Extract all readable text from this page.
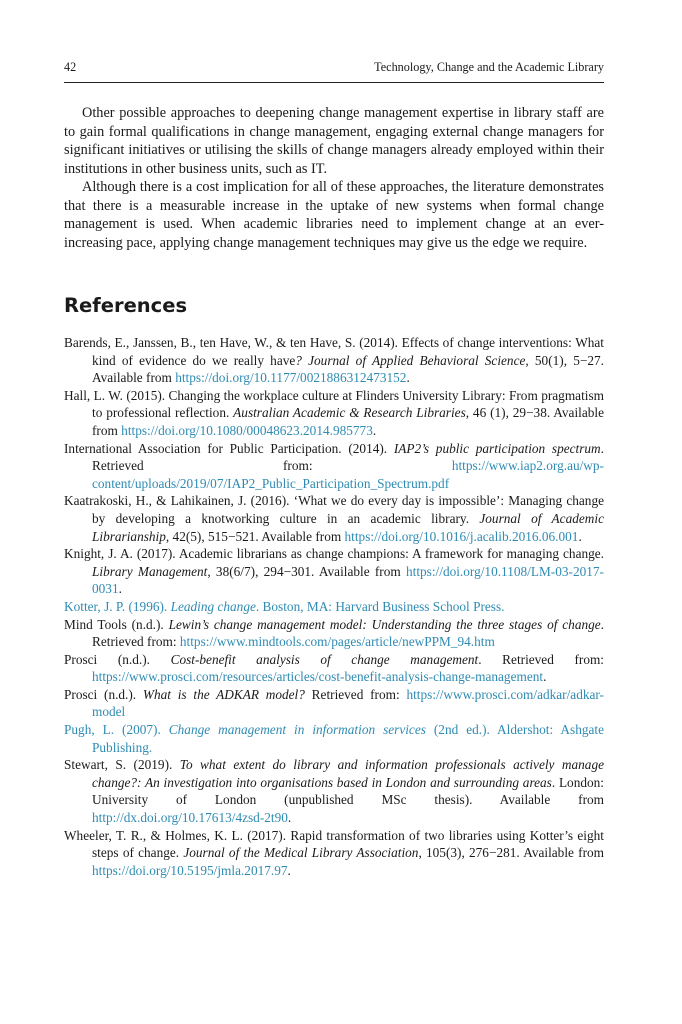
42	Technology, Change and the Academic Library

Other possible approaches to deepening change management expertise in library staff are to gain formal qualifications in change management, engaging external change managers for significant initiatives or utilising the skills of change managers already employed within their institutions in other business units, such as IT.

Although there is a cost implication for all of these approaches, the literature demonstrates that there is a measurable increase in the uptake of new systems when formal change management is used. When academic libraries need to implement change at an ever-increasing pace, applying change management techniques may give us the edge we require.

References

Barends, E., Janssen, B., ten Have, W., & ten Have, S. (2014). Effects of change interventions: What kind of evidence do we really have? Journal of Applied Behavioral Science, 50(1), 5−27. Available from https://doi.org/10.1177/0021886312473152.

Hall, L. W. (2015). Changing the workplace culture at Flinders University Library: From pragmatism to professional reflection. Australian Academic & Research Libraries, 46 (1), 29−38. Available from https://doi.org/10.1080/00048623.2014.985773.

International Association for Public Participation. (2014). IAP2’s public participation spectrum. Retrieved from: https://www.iap2.org.au/wp-content/uploads/2019/07/IAP2_Public_Participation_Spectrum.pdf

Kaatrakoski, H., & Lahikainen, J. (2016). ‘What we do every day is impossible’: Managing change by developing a knotworking culture in an academic library. Journal of Academic Librarianship, 42(5), 515−521. Available from https://doi.org/10.1016/j.acalib.2016.06.001.

Knight, J. A. (2017). Academic librarians as change champions: A framework for managing change. Library Management, 38(6/7), 294−301. Available from https://doi.org/10.1108/LM-03-2017-0031.

Kotter, J. P. (1996). Leading change. Boston, MA: Harvard Business School Press.

Mind Tools (n.d.). Lewin’s change management model: Understanding the three stages of change. Retrieved from: https://www.mindtools.com/pages/article/newPPM_94.htm

Prosci (n.d.). Cost-benefit analysis of change management. Retrieved from: https://www.prosci.com/resources/articles/cost-benefit-analysis-change-management.

Prosci (n.d.). What is the ADKAR model? Retrieved from: https://www.prosci.com/adkar/adkar-model

Pugh, L. (2007). Change management in information services (2nd ed.). Aldershot: Ashgate Publishing.

Stewart, S. (2019). To what extent do library and information professionals actively manage change?: An investigation into organisations based in London and surrounding areas. London: University of London (unpublished MSc thesis). Available from http://dx.doi.org/10.17613/4zsd-2t90.

Wheeler, T. R., & Holmes, K. L. (2017). Rapid transformation of two libraries using Kotter’s eight steps of change. Journal of the Medical Library Association, 105(3), 276−281. Available from https://doi.org/10.5195/jmla.2017.97.
